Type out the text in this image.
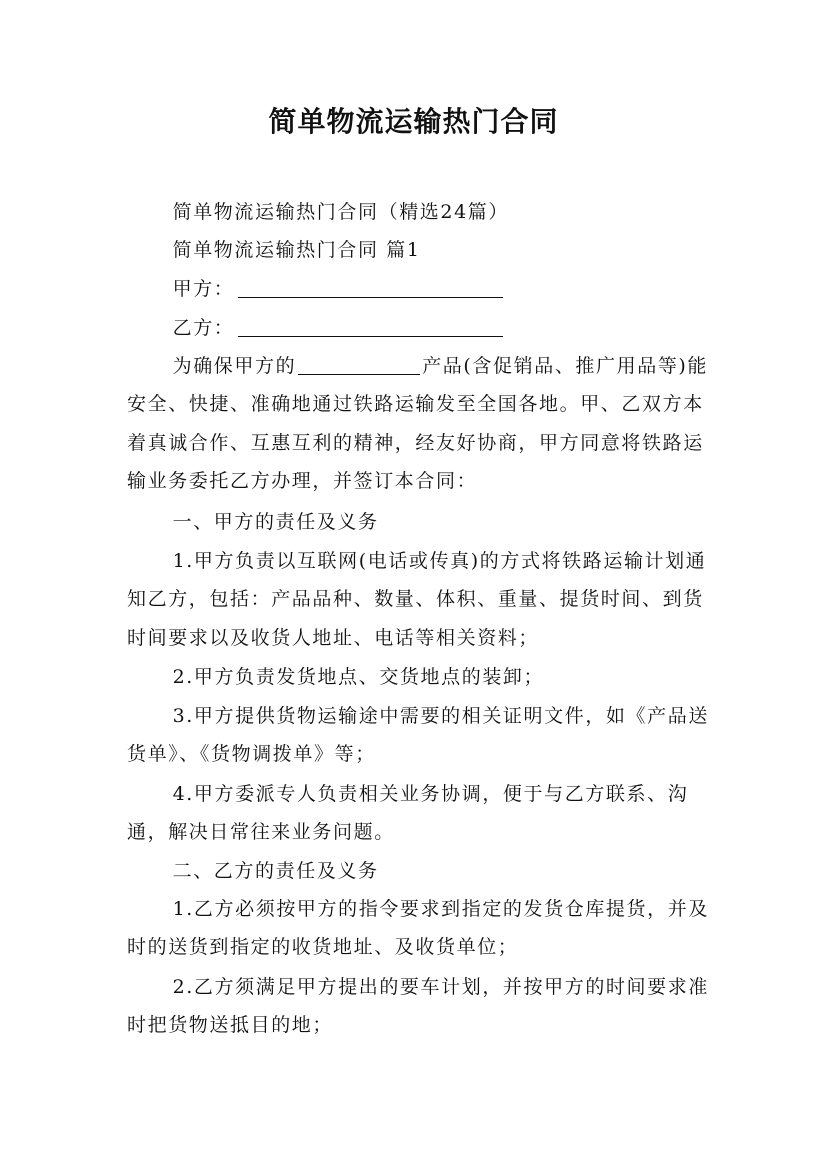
简单物流运输热门合同
简单物流运输热门合同（精选24篇）
简单物流运输热门合同 篇1
甲方：
乙方：
为确保甲方的	产品(含促销品、推广用品等)能安全、快捷、准确地通过铁路运输发至全国各地。甲、乙双方本着真诚合作、互惠互利的精神，经友好协商，甲方同意将铁路运输业务委托乙方办理，并签订本合同：
一、甲方的责任及义务
1.甲方负责以互联网(电话或传真)的方式将铁路运输计划通知乙方，包括：产品品种、数量、体积、重量、提货时间、到货时间要求以及收货人地址、电话等相关资料；
2.甲方负责发货地点、交货地点的装卸；
3.甲方提供货物运输途中需要的相关证明文件，如《产品送货单》、《货物调拨单》等；
4.甲方委派专人负责相关业务协调，便于与乙方联系、沟通，解决日常往来业务问题。
二、乙方的责任及义务
1.乙方必须按甲方的指令要求到指定的发货仓库提货，并及时的送货到指定的收货地址、及收货单位；
2.乙方须满足甲方提出的要车计划，并按甲方的时间要求准时把货物送抵目的地；
